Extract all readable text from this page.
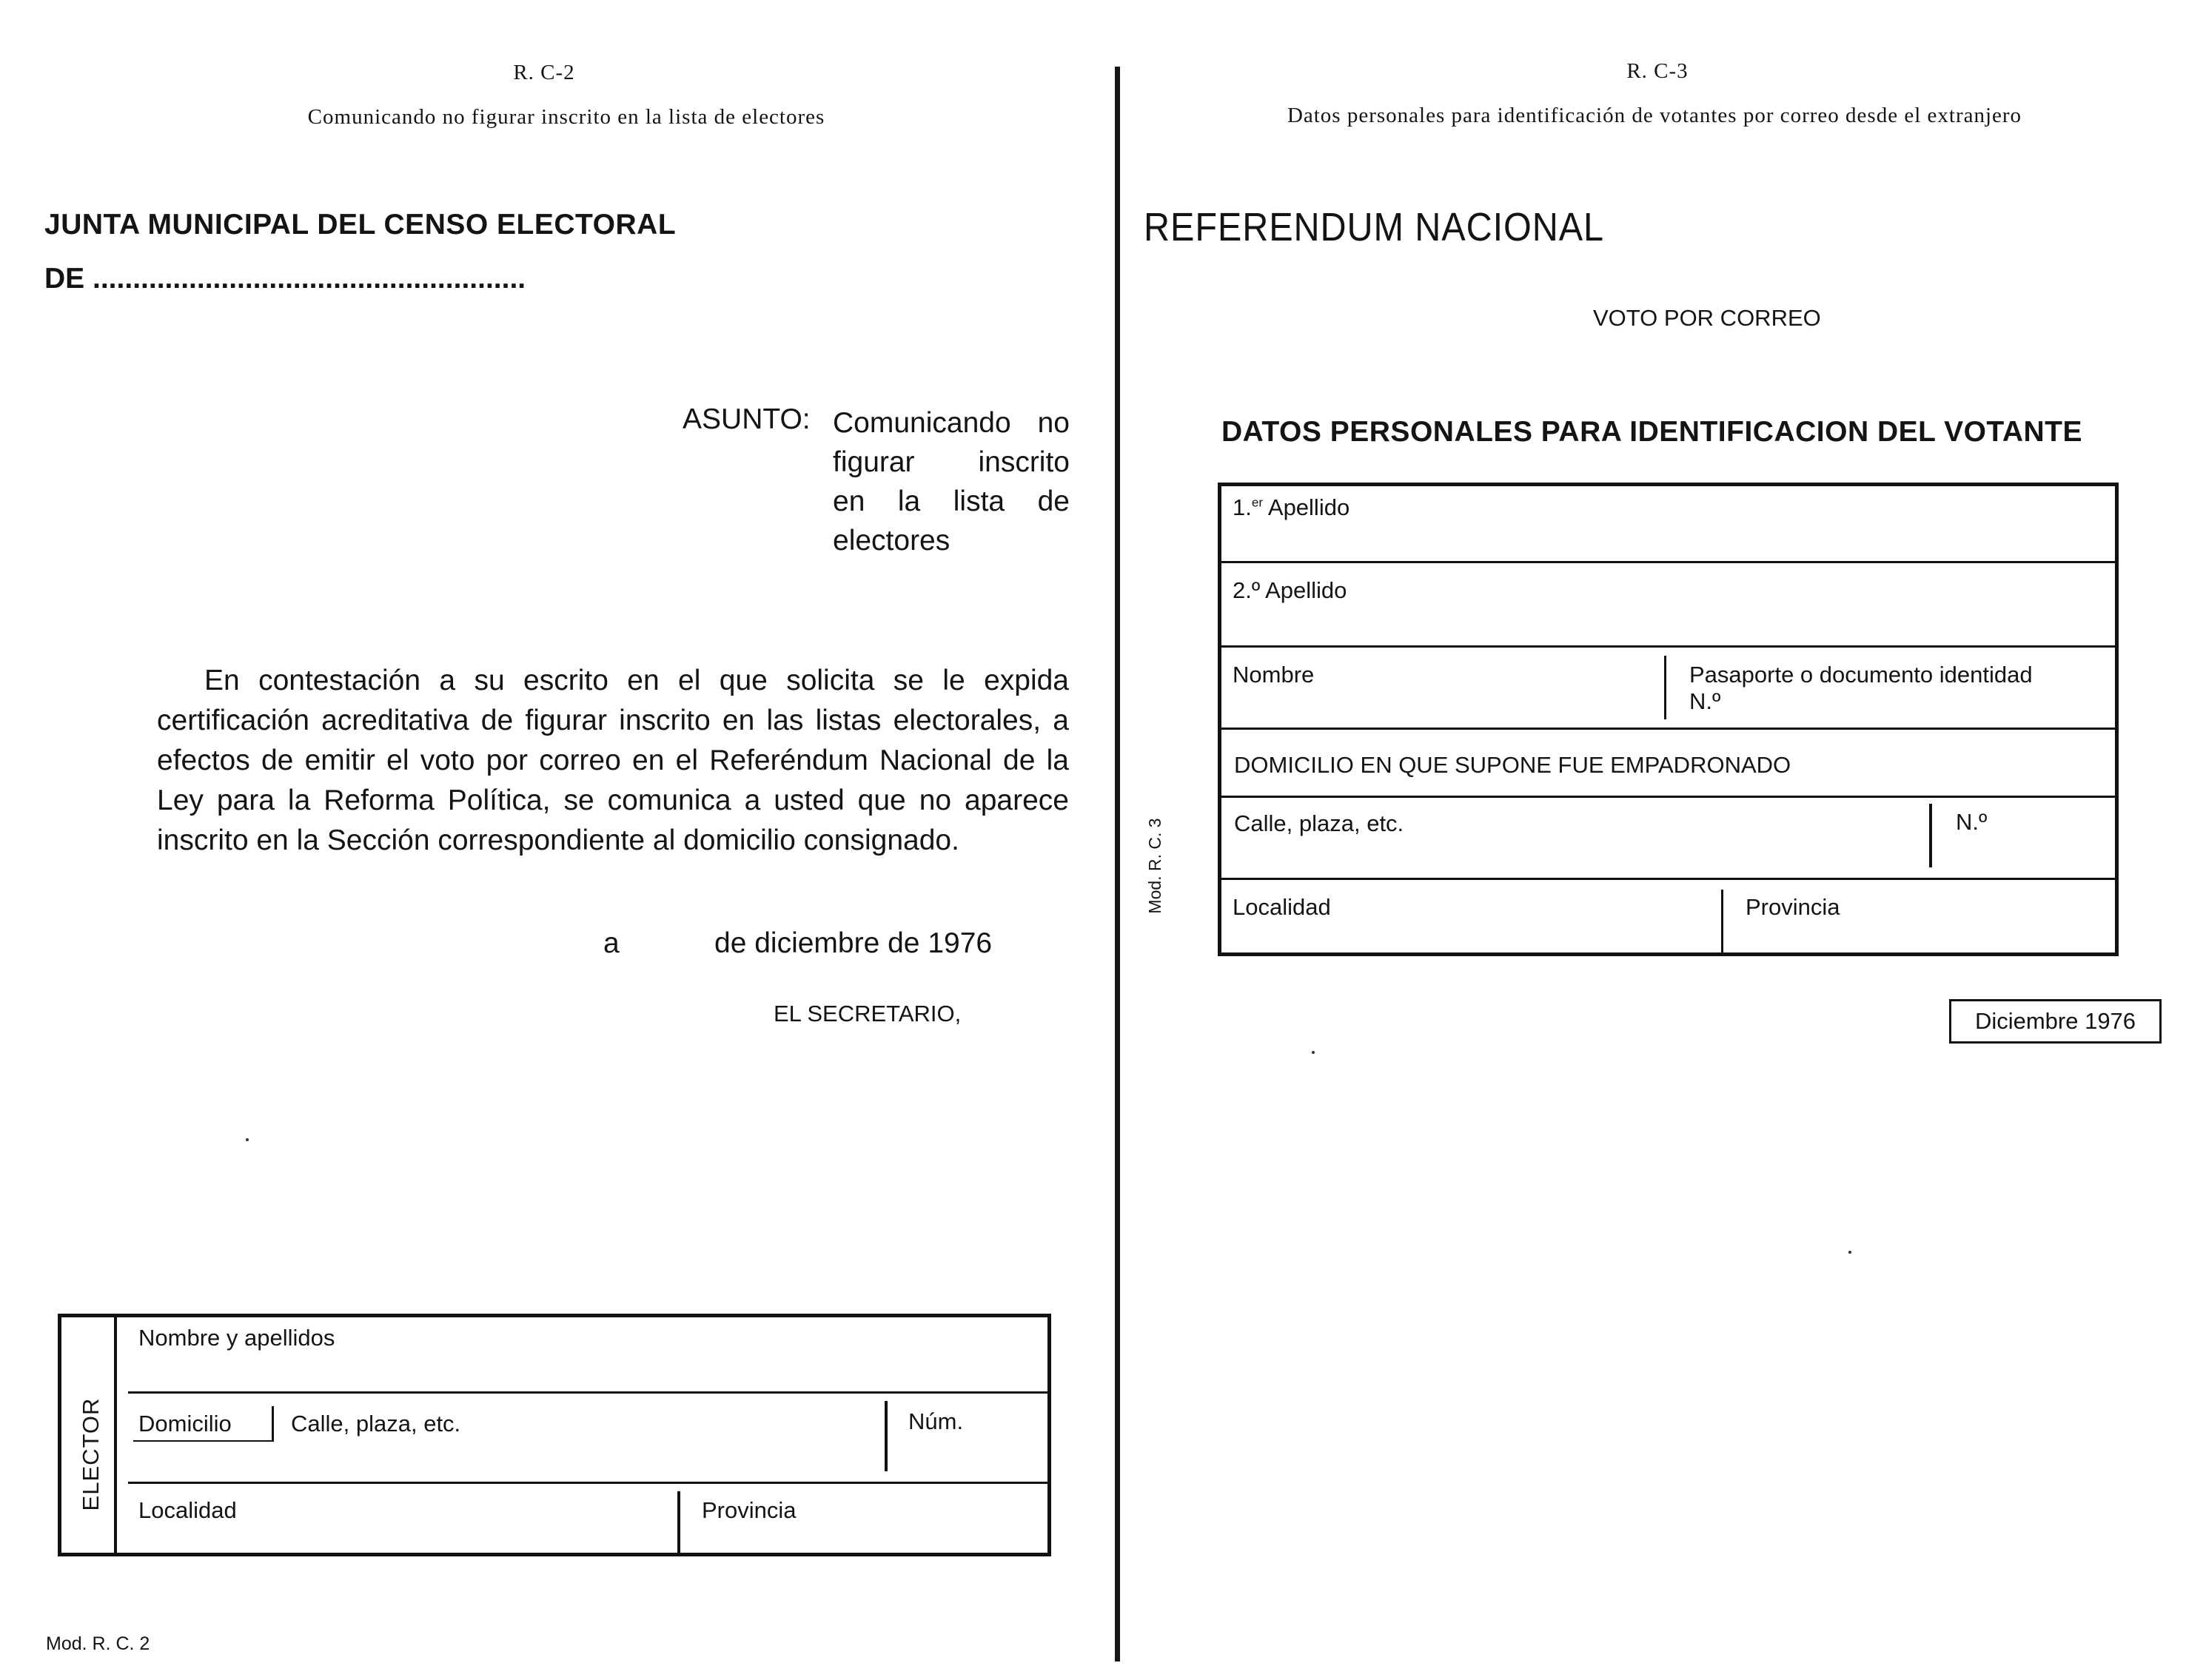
R. C-2
Comunicando no figurar inscrito en la lista de electores
JUNTA MUNICIPAL DEL CENSO ELECTORAL
DE ......................................................
ASUNTO: Comunicando no
figurar inscrito
en la lista de
electores
En contestación a su escrito en el que solicita se le expida certificación acreditativa de figurar inscrito en las listas electorales, a efectos de emitir el voto por correo en el Referéndum Nacional de la Ley para la Reforma Política, se comunica a usted que no aparece inscrito en la Sección correspondiente al domicilio consignado.
a	de diciembre de 1976
EL SECRETARIO,
ELECTOR
Nombre y apellidos
Domicilio	Calle, plaza, etc.	Núm.
Localidad	Provincia
Mod. R. C. 2
R. C-3
Datos personales para identificación de votantes por correo desde el extranjero
REFERENDUM NACIONAL
VOTO POR CORREO
DATOS PERSONALES PARA IDENTIFICACION DEL VOTANTE
1.$^{er}$ Apellido
2.º Apellido
Nombre	Pasaporte o documento identidad
N.º
DOMICILIO EN QUE SUPONE FUE EMPADRONADO
Calle, plaza, etc.	N.º
Localidad	Provincia
Mod. R. C. 3
Diciembre 1976
